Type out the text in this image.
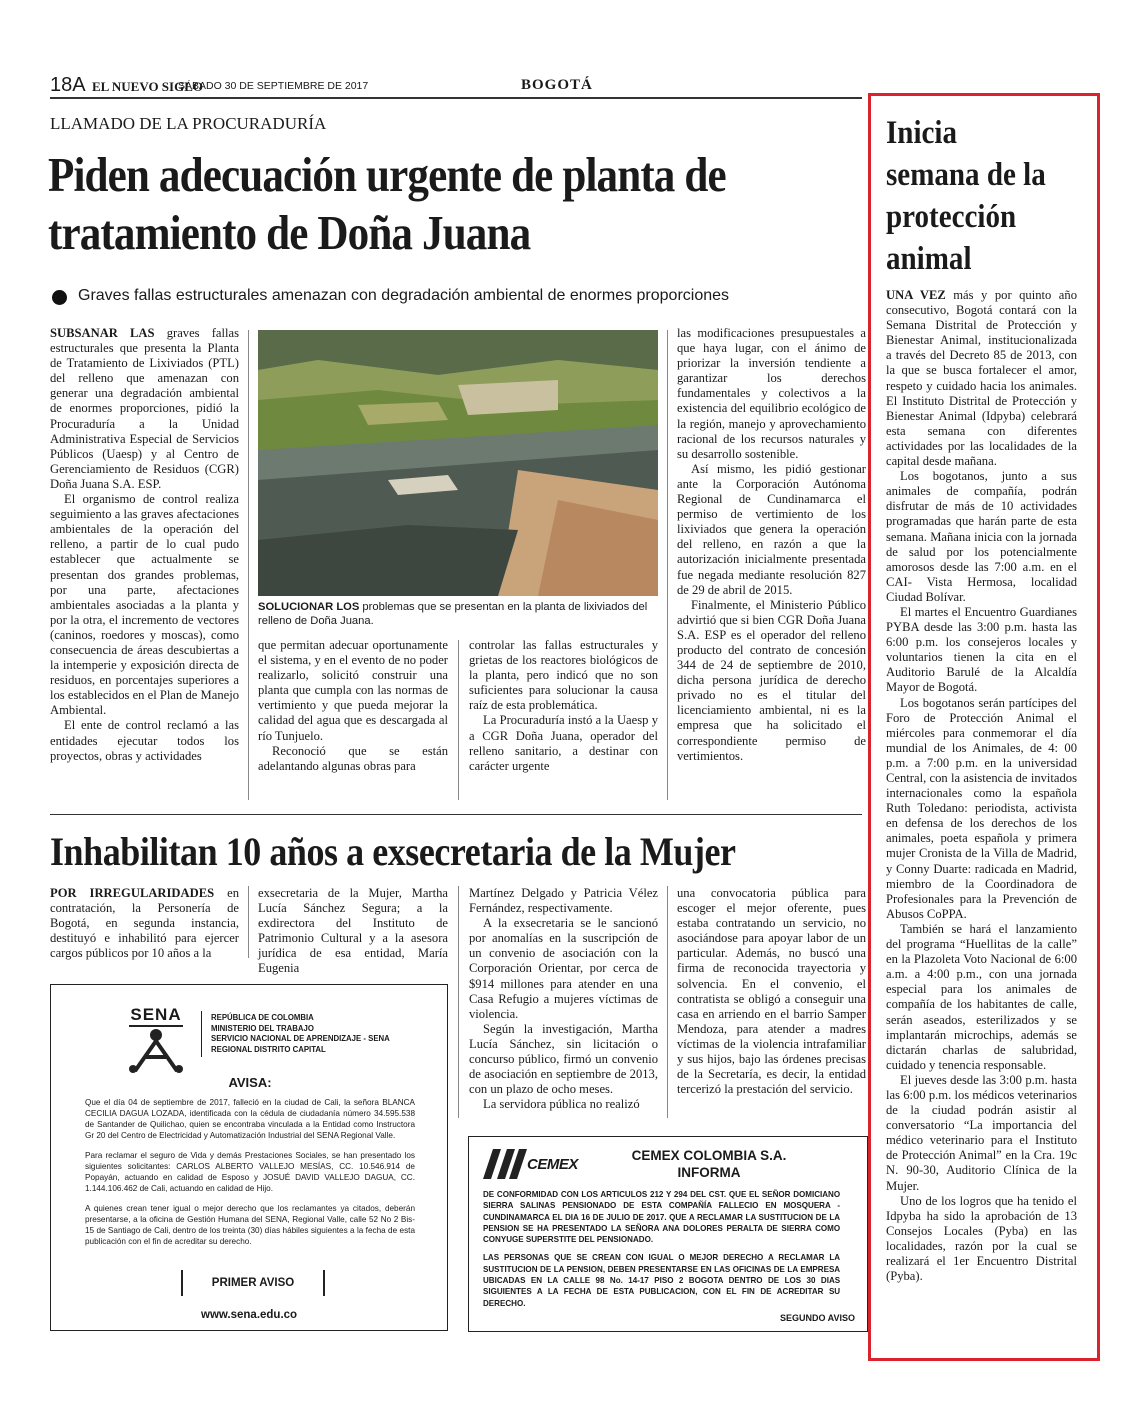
18A EL NUEVO SIGLO
SÁBADO 30 DE SEPTIEMBRE DE 2017	BOGOTÁ
LLAMADO DE LA PROCURADURÍA
Piden adecuación urgente de planta de tratamiento de Doña Juana
Graves fallas estructurales amenazan con degradación ambiental de enormes proporciones
SOLUCIONAR LOS problemas que se presentan en la planta de lixiviados del relleno de Doña Juana.

SUBSANAR LAS graves fallas estructurales que presenta la Planta de Tratamiento de Lixiviados (PTL) del relleno que amenazan con generar una degradación ambiental de enormes proporciones, pidió la Procuraduría a la Unidad Administrativa Especial de Servicios Públicos (Uaesp) y al Centro de Gerenciamiento de Residuos (CGR) Doña Juana S.A. ESP.

El organismo de control realiza seguimiento a las graves afectaciones ambientales de la operación del relleno, a partir de lo cual pudo establecer que actualmente se presentan dos grandes problemas, por una parte, afectaciones ambientales asociadas a la planta y por la otra, el incremento de vectores (caninos, roedores y moscas), como consecuencia de áreas descubiertas a la intemperie y exposición directa de residuos, en porcentajes superiores a los establecidos en el Plan de Manejo Ambiental.

El ente de control reclamó a las entidades ejecutar todos los proyectos, obras y actividades

que permitan adecuar oportunamente el sistema, y en el evento de no poder realizarlo, solicitó construir una planta que cumpla con las normas de vertimiento y que pueda mejorar la calidad del agua que es descargada al río Tunjuelo.

Reconoció que se están adelantando algunas obras para

controlar las fallas estructurales y grietas de los reactores biológicos de la planta, pero indicó que no son suficientes para solucionar la causa raíz de esta problemática.

La Procuraduría instó a la Uaesp y a CGR Doña Juana, operador del relleno sanitario, a destinar con carácter urgente

las modificaciones presupuestales a que haya lugar, con el ánimo de priorizar la inversión tendiente a garantizar los derechos fundamentales y colectivos a la existencia del equilibrio ecológico de la región, manejo y aprovechamiento racional de los recursos naturales y su desarrollo sostenible.

Así mismo, les pidió gestionar ante la Corporación Autónoma Regional de Cundinamarca el permiso de vertimiento de los lixiviados que genera la operación del relleno, en razón a que la autorización inicialmente presentada fue negada mediante resolución 827 de 29 de abril de 2015.

Finalmente, el Ministerio Público advirtió que si bien CGR Doña Juana S.A. ESP es el operador del relleno producto del contrato de concesión 344 de 24 de septiembre de 2010, dicha persona jurídica de derecho privado no es el titular del licenciamiento ambiental, ni es la empresa que ha solicitado el correspondiente permiso de vertimientos.

Inhabilitan 10 años a exsecretaria de la Mujer

POR IRREGULARIDADES en contratación, la Personería de Bogotá, en segunda instancia, destituyó e inhabilitó para ejercer cargos públicos por 10 años a la

exsecretaria de la Mujer, Martha Lucía Sánchez Segura; a la exdirectora del Instituto de Patrimonio Cultural y a la asesora jurídica de esa entidad, María Eugenia

Martínez Delgado y Patricia Vélez Fernández, respectivamente.

A la exsecretaria se le sancionó por anomalías en la suscripción de un convenio de asociación con la Corporación Orientar, por cerca de $914 millones para atender en una Casa Refugio a mujeres víctimas de violencia.

Según la investigación, Martha Lucía Sánchez, sin licitación o concurso público, firmó un convenio de asociación en septiembre de 2013, con un plazo de ocho meses.

La servidora pública no realizó

una convocatoria pública para escoger el mejor oferente, pues estaba contratando un servicio, no asociándose para apoyar labor de un particular. Además, no buscó una firma de reconocida trayectoria y solvencia. En el convenio, el contratista se obligó a conseguir una casa en arriendo en el barrio Samper Mendoza, para atender a madres víctimas de la violencia intrafamiliar y sus hijos, bajo las órdenes precisas de la Secretaría, es decir, la entidad tercerizó la prestación del servicio.

SENA	REPÚBLICA DE COLOMBIA
MINISTERIO DEL TRABAJO
SERVICIO NACIONAL DE APRENDIZAJE - SENA
REGIONAL DISTRITO CAPITAL
AVISA:

Que el día 04 de septiembre de 2017, falleció en la ciudad de Cali, la señora BLANCA CECILIA DAGUA LOZADA, identificada con la cédula de ciudadanía número 34.595.538 de Santander de Quilichao, quien se encontraba vinculada a la Entidad como Instructora Gr 20 del Centro de Electricidad y Automatización Industrial del SENA Regional Valle.

Para reclamar el seguro de Vida y demás Prestaciones Sociales, se han presentado los siguientes solicitantes: CARLOS ALBERTO VALLEJO MESÍAS, CC. 10.546.914 de Popayán, actuando en calidad de Esposo y JOSUÉ DAVID VALLEJO DAGUA, CC. 1.144.106.462 de Cali, actuando en calidad de Hijo.

A quienes crean tener igual o mejor derecho que los reclamantes ya citados, deberán presentarse, a la oficina de Gestión Humana del SENA, Regional Valle, calle 52 No 2 Bis-15 de Santiago de Cali, dentro de los treinta (30) días hábiles siguientes a la fecha de esta publicación con el fin de acreditar su derecho.

PRIMER AVISO
www.sena.edu.co
CEMEX
CEMEX COLOMBIA S.A.
INFORMA

DE CONFORMIDAD CON LOS ARTICULOS 212 Y 294 DEL CST. QUE EL SEÑOR DOMICIANO SIERRA SALINAS PENSIONADO DE ESTA COMPAÑÍA FALLECIO EN MOSQUERA -CUNDINAMARCA EL DIA 16 DE JULIO DE 2017. QUE A RECLAMAR LA SUSTITUCION DE LA PENSION SE HA PRESENTADO LA SEÑORA ANA DOLORES PERALTA DE SIERRA COMO CONYUGE SUPERSTITE DEL PENSIONADO.

LAS PERSONAS QUE SE CREAN CON IGUAL O MEJOR DERECHO A RECLAMAR LA SUSTITUCION DE LA PENSION, DEBEN PRESENTARSE EN LAS OFICINAS DE LA EMPRESA UBICADAS EN LA CALLE 98 No. 14-17 PISO 2 BOGOTA DENTRO DE LOS 30 DIAS SIGUIENTES A LA FECHA DE ESTA PUBLICACION, CON EL FIN DE ACREDITAR SU DERECHO.

SEGUNDO AVISO
Inicia semana de la protección animal

UNA VEZ más y por quinto año consecutivo, Bogotá contará con la Semana Distrital de Protección y Bienestar Animal, institucionalizada a través del Decreto 85 de 2013, con la que se busca fortalecer el amor, respeto y cuidado hacia los animales. El Instituto Distrital de Protección y Bienestar Animal (Idpyba) celebrará esta semana con diferentes actividades por las localidades de la capital desde mañana.

Los bogotanos, junto a sus animales de compañía, podrán disfrutar de más de 10 actividades programadas que harán parte de esta semana. Mañana inicia con la jornada de salud por los potencialmente amorosos desde las 7:00 a.m. en el CAI- Vista Hermosa, localidad Ciudad Bolívar.

El martes el Encuentro Guardianes PYBA desde las 3:00 p.m. hasta las 6:00 p.m. los consejeros locales y voluntarios tienen la cita en el Auditorio Barulé de la Alcaldía Mayor de Bogotá.

Los bogotanos serán partícipes del Foro de Protección Animal el miércoles para conmemorar el día mundial de los Animales, de 4: 00 p.m. a 7:00 p.m. en la universidad Central, con la asistencia de invitados internacionales como la española Ruth Toledano: periodista, activista en defensa de los derechos de los animales, poeta española y primera mujer Cronista de la Villa de Madrid, y Conny Duarte: radicada en Madrid, miembro de la Coordinadora de Profesionales para la Prevención de Abusos CoPPA.

También se hará el lanzamiento del programa “Huellitas de la calle” en la Plazoleta Voto Nacional de 6:00 a.m. a 4:00 p.m., con una jornada especial para los animales de compañía de los habitantes de calle, serán aseados, esterilizados y se implantarán microchips, además se dictarán charlas de salubridad, cuidado y tenencia responsable.

El jueves desde las 3:00 p.m. hasta las 6:00 p.m. los médicos veterinarios de la ciudad podrán asistir al conversatorio “La importancia del médico veterinario para el Instituto de Protección Animal” en la Cra. 19c N. 90-30, Auditorio Clínica de la Mujer.

Uno de los logros que ha tenido el Idpyba ha sido la aprobación de 13 Consejos Locales (Pyba) en las localidades, razón por la cual se realizará el 1er Encuentro Distrital (Pyba).
